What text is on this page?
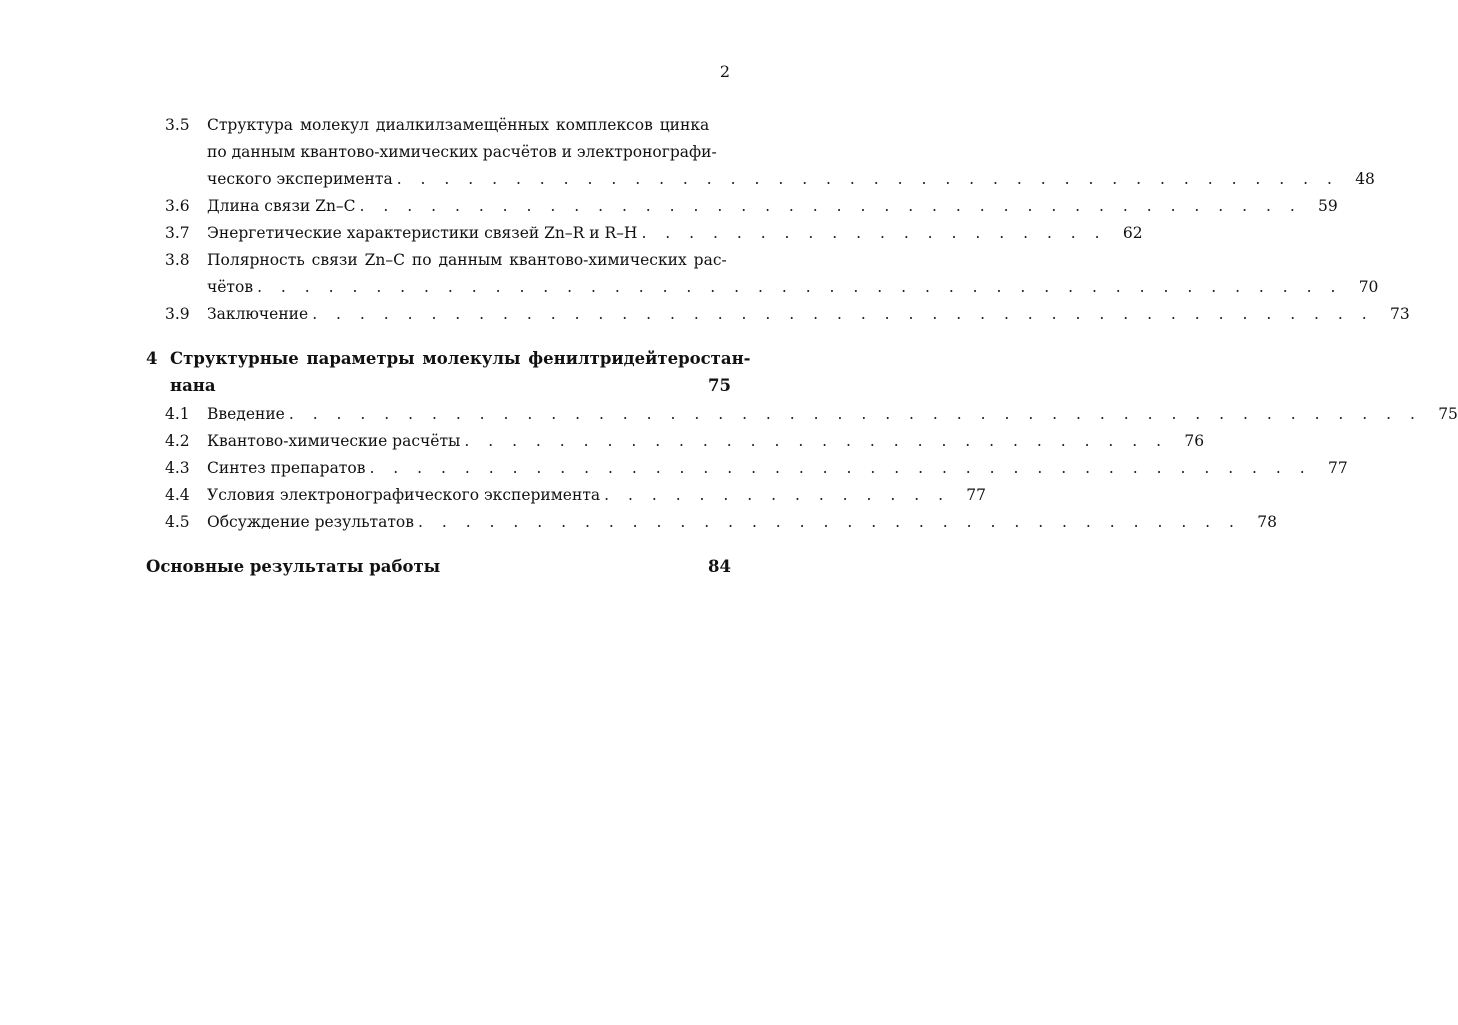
2
3.5	Структура молекул диалкилзамещённых комплексов цинка
по данным квантово-химических расчётов и электронографи-
ческого эксперимента . . . . . . . . . . . . . . . . . . . . . . . . . . . . . . . . . . . . . . . .	48
3.6	Длина связи Zn–C . . . . . . . . . . . . . . . . . . . . . . . . . . . . . . . . . . . . . . . .	59
3.7	Энергетические характеристики связей Zn–R и R–H . . . . . . . . . . . . . . . . . . . .	62
3.8	Полярность связи Zn–C по данным квантово-химических рас-
чётов . . . . . . . . . . . . . . . . . . . . . . . . . . . . . . . . . . . . . . . . . . . . . .	70
3.9	Заключение . . . . . . . . . . . . . . . . . . . . . . . . . . . . . . . . . . . . . . . . . . . . .	73
4 Структурные параметры молекулы фенилтридейтеростан-
нана	75
4.1	Введение . . . . . . . . . . . . . . . . . . . . . . . . . . . . . . . . . . . . . . . . . . . . . . . .	75
4.2	Квантово-химические расчёты . . . . . . . . . . . . . . . . . . . . . . . . . . . . . .	76
4.3	Синтез препаратов . . . . . . . . . . . . . . . . . . . . . . . . . . . . . . . . . . . . . . . .	77
4.4	Условия электронографического эксперимента . . . . . . . . . . . . . . .	77
4.5	Обсуждение результатов . . . . . . . . . . . . . . . . . . . . . . . . . . . . . . . . . . .	78
Основные результаты работы	84
